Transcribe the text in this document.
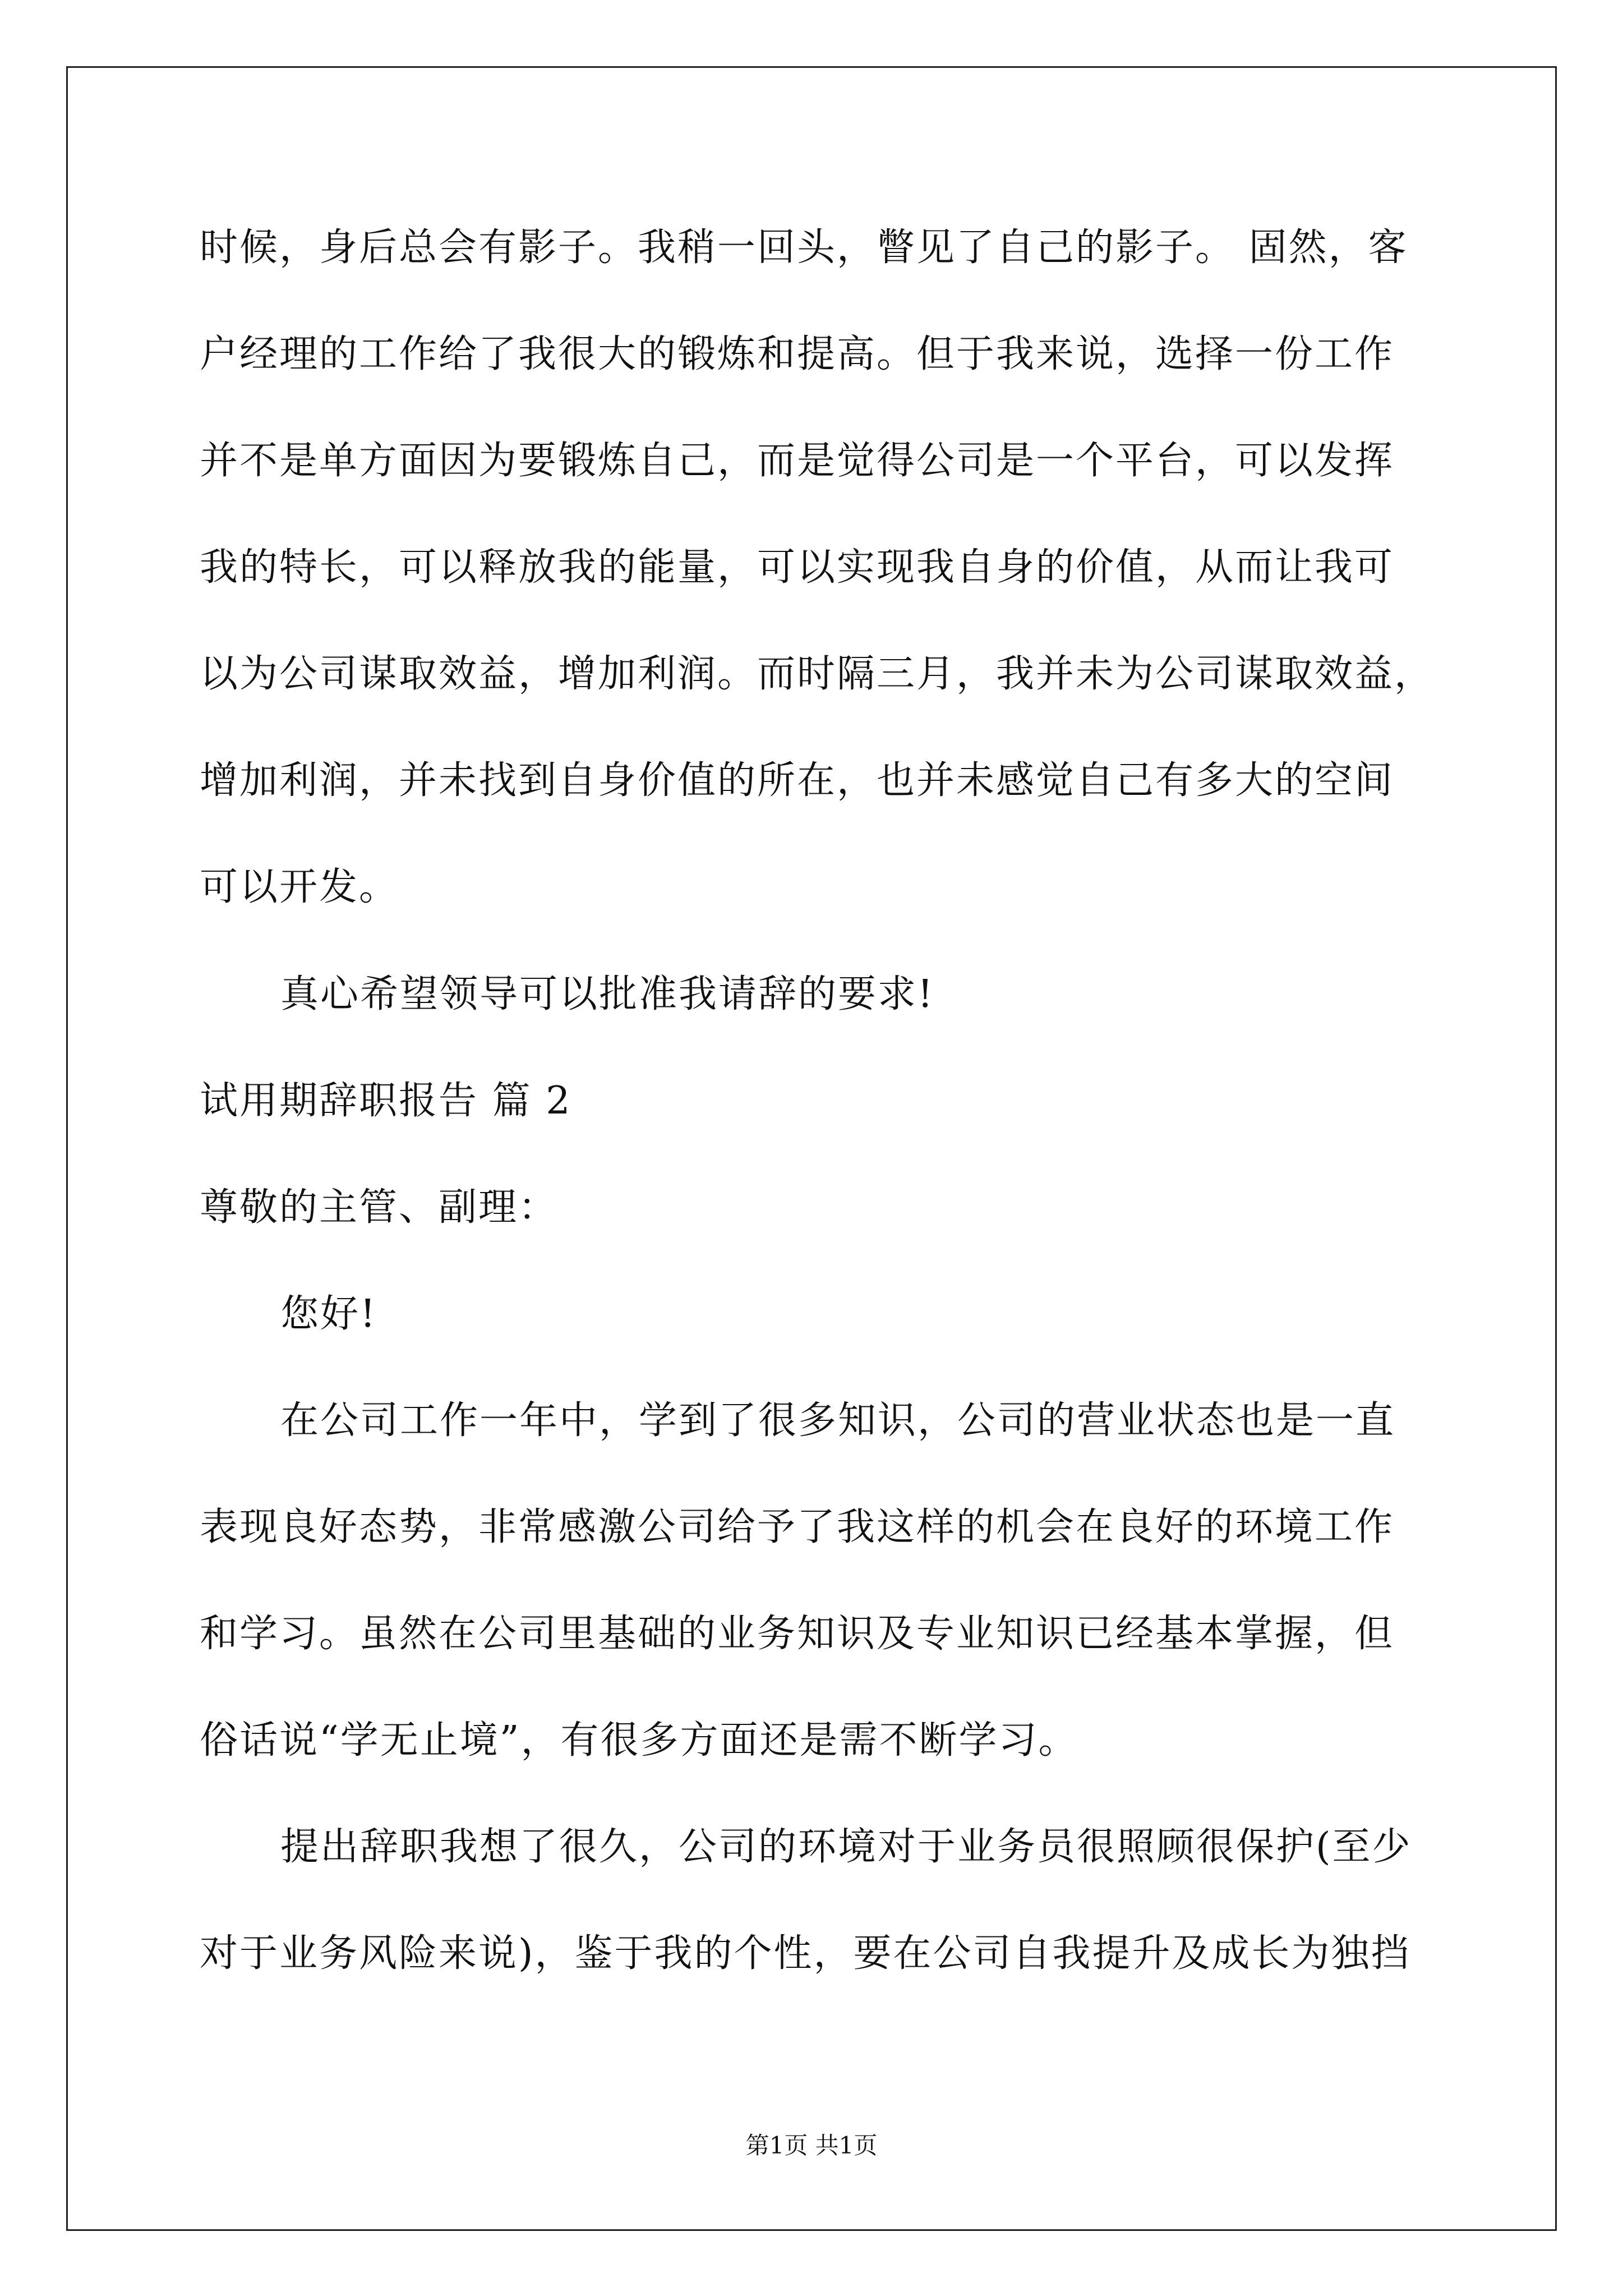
时候，身后总会有影子。我稍一回头，瞥见了自己的影子。 固然，客
户经理的工作给了我很大的锻炼和提高。但于我来说，选择一份工作
并不是单方面因为要锻炼自己，而是觉得公司是一个平台，可以发挥
我的特长，可以释放我的能量，可以实现我自身的价值，从而让我可
以为公司谋取效益，增加利润。而时隔三月，我并未为公司谋取效益，
增加利润，并未找到自身价值的所在，也并未感觉自己有多大的空间
可以开发。
真心希望领导可以批准我请辞的要求!
试用期辞职报告 篇 2
尊敬的主管、副理：
您好!
在公司工作一年中，学到了很多知识，公司的营业状态也是一直
表现良好态势，非常感激公司给予了我这样的机会在良好的环境工作
和学习。虽然在公司里基础的业务知识及专业知识已经基本掌握，但
俗话说“学无止境”，有很多方面还是需不断学习。
提出辞职我想了很久，公司的环境对于业务员很照顾很保护(至少
对于业务风险来说)，鉴于我的个性，要在公司自我提升及成长为独挡
第1页 共1页
